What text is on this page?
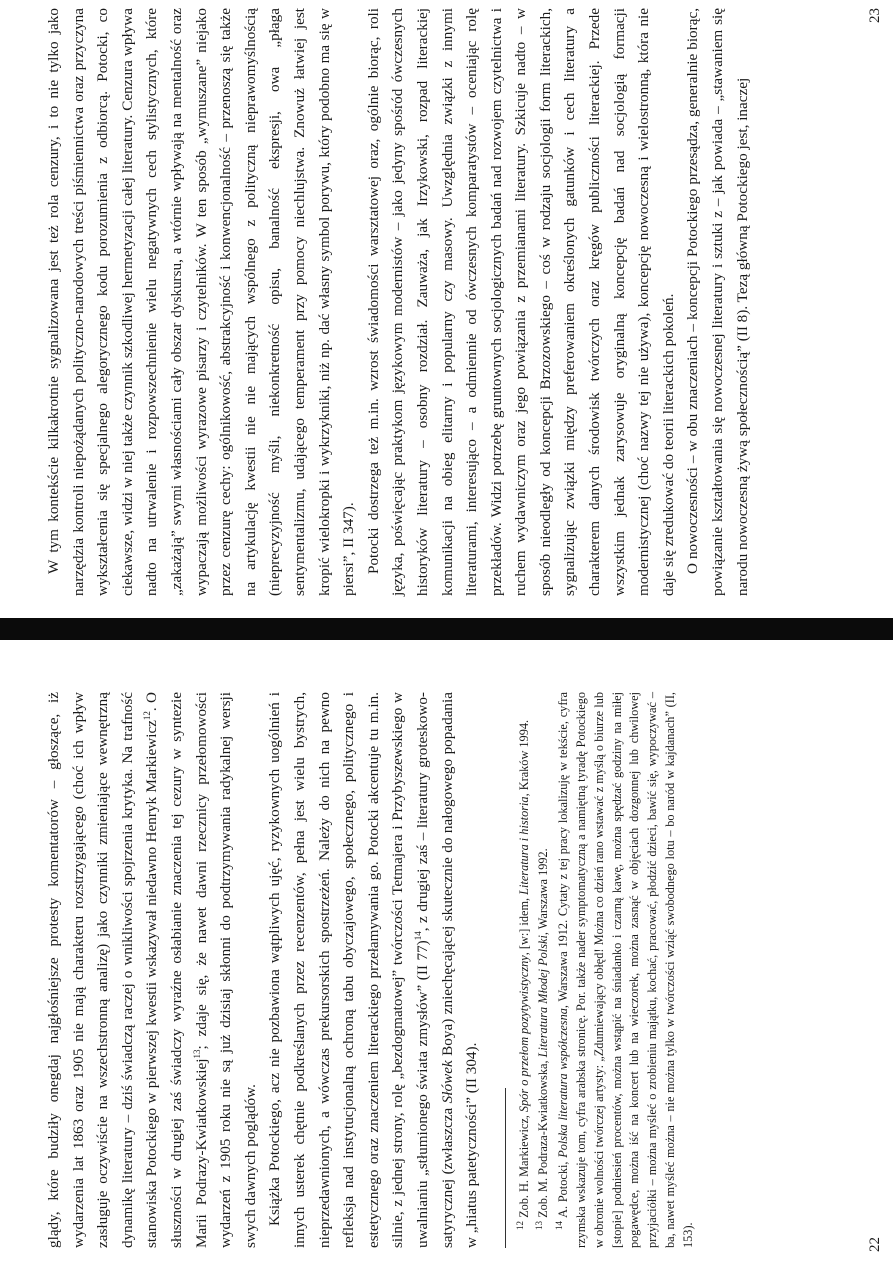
W tym kontekście kilkakrotnie sygnalizowana jest też rola cenzury, i to nie tylko jako narzędzia kontroli niepożądanych polityczno-narodowych treści piśmiennictwa oraz przyczyna wykształcenia się specjalnego alegorycznego kodu porozumienia z odbiorcą. Potocki, co ciekawsze, widzi w niej także czynnik szkodliwej hermetyzacji całej literatury. Cenzura wpływa nadto na utrwalenie i rozpowszechnienie wielu negatywnych cech stylistycznych, które „zakażają” swymi własnościami cały obszar dyskursu, a wtórnie wpływają na mentalność oraz wypaczają możliwości wyrazowe pisarzy i czytelników. W ten sposób „wymuszane” niejako przez cenzurę cechy: ogólnikowość, abstrakcyjność i konwencjonalność – przenoszą się także na artykulację kwestii nie nie mających wspólnego z polityczną nieprawomyślnością (nieprecyzyjność myśli, niekonkretność opisu, banalność ekspresji, owa „płaga sentymentalizmu, udającego temperament przy pomocy niechlujstwa. Znowuż łatwiej jest kropić wielokropki i wykrzykniki, niż np. dać własny symbol porywu, który podobno ma się w piersi”, II 347). Potocki dostrzega też m.in. wzrost świadomości warsztatowej oraz, ogólnie biorąc, roli języka, poświęcając praktykom językowym modernistów – jako jedyny spośród ówczesnych historyków literatury – osobny rozdział. Zauważa, jak Irzykowski, rozpad literackiej komunikacji na obieg elitarny i popularny czy masowy. Uwzględnia związki z innymi literaturami, interesująco – a odmiennie od ówczesnych komparatystów – oceniając rolę przekładów. Widzi potrzebę gruntownych socjologicznych badań nad rozwojem czytelnictwa i ruchem wydawniczym oraz jego powiązania z przemianami literatury. Szkicuje nadto – w sposób nieodległy od koncepcji Brzozowskiego – coś w rodzaju socjologii form literackich, sygnalizując związki między preferowaniem określonych gatunków i cech literatury a charakterem danych środowisk twórczych oraz kręgów publiczności literackiej. Przede wszystkim jednak zarysowuje oryginalną koncepcję badań nad socjologią formacji modernistycznej (choć nazwy tej nie używa), koncepcję nowoczesną i wielostronną, która nie daje się zredukować do teorii literackich pokoleń. O nowoczesności – w obu znaczeniach – koncepcji Potockiego przesądza, generalnie biorąc, powiązanie kształtowania się nowoczesnej literatury i sztuki z – jak powiada – „stawaniem się narodu nowoczesną żywą społecznością” (II 8). Tezą główną Potockiego jest, inaczej

23

glądy, które budziły onegdaj najgłośniejsze protesty komentatorów – głoszące, iż wydarzenia lat 1863 oraz 1905 nie mają charakteru rozstrzygającego (choć ich wpływ zasługuje oczywiście na wszechstronną analizę) jako czynniki zmieniające wewnętrzną dynamikę literatury – dziś świadczą raczej o wnikliwości spojrzenia krytyka. Na trafność stanowiska Potockiego w pierwszej kwestii wskazywał niedawno Henryk Markiewicz$^{12}$. O słuszności w drugiej zaś świadczy wyraźne osłabianie znaczenia tej cezury w syntezie Marii Podrazy-Kwiatkowskiej$^{13}$; zdaje się, że nawet dawni rzecznicy przełomowości wydarzeń z 1905 roku nie są już dzisiaj skłonni do podtrzymywania radykalnej wersji swych dawnych poglądów. Książka Potockiego, acz nie pozbawiona wątpliwych ujęć, ryzykownych uogólnień i innych usterek chętnie podkreślanych przez recenzentów, pełna jest wielu bystrych, nieprzedawnionych, a wówczas prekursorskich spostrzeżeń. Należy do nich na pewno refleksja nad instytucjonalną ochroną tabu obyczajowego, społecznego, politycznego i estetycznego oraz znaczeniem literackiego przełamywania go. Potocki akcentuje tu m.in. silnie, z jednej strony, rolę „bezdogmatowej” twórczości Tetmajera i Przybyszewskiego w uwalnianiu „stłumionego świata zmysłów” (II 77)$^{14}$, z drugiej zaś – literatury groteskowo-satyrycznej (zwłaszcza Słówek Boya) zniechęcającej skutecznie do nałogowego popadania w „hiatus patetyczności” (II 304).	$^{12}$ Zob. H. Markiewicz, Spór o przełom pozytywistyczny, [w:] idem, Literatura i historia, Kraków 1994.

$^{13}$ Zob. M. Podraza-Kwiatkowska, Literatura Młodej Polski, Warszawa 1992.

$^{14}$ A. Potocki, Polska literatura współczesna, Warszawa 1912. Cytaty z tej pracy lokalizuję w tekście, cyfra rzymska wskazuje tom, cyfra arabska stronicę. Por. także nader symptomatyczną a namiętną tyradę Potockiego w obronie wolności twórczej artysty: „Zdumiewający obłęd! Można co dzień rano wstawać z myślą o biurze lub [stopie] podniesień procentów, można wstąpić na śniadanko i czarną kawę, można spędzać godziny na miłej pogawędce, można iść na koncert lub na wieczorek, można zasnąć w objęciach dozgonnej lub chwilowej przyjaciółki – można myśleć o zrobieniu majątku, kochać, pracować, płodzić dzieci, bawić się, wypoczywać – ba, nawet myśleć można – nie można tylko w twórczości wziąć swobodnego lotu – bo naród w kajdanach” (II, 153).	22
